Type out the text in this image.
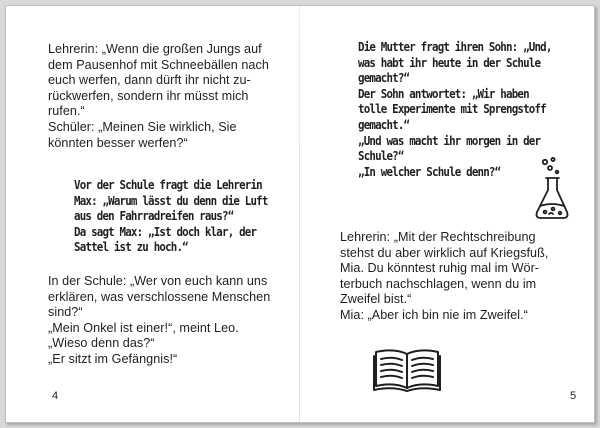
Lehrerin: „Wenn die großen Jungs auf
dem Pausenhof mit Schneebällen nach
euch werfen, dann dürft ihr nicht zu-
rückwerfen, sondern ihr müsst mich
rufen.“
Schüler: „Meinen Sie wirklich, Sie
könnten besser werfen?“

Vor der Schule fragt die Lehrerin
Max: „Warum lässt du denn die Luft
aus den Fahrradreifen raus?“
Da sagt Max: „Ist doch klar, der
Sattel ist zu hoch.“

In der Schule: „Wer von euch kann uns
erklären, was verschlossene Menschen
sind?“
„Mein Onkel ist einer!“, meint Leo.
„Wieso denn das?“
„Er sitzt im Gefängnis!“

4

Die Mutter fragt ihren Sohn: „Und,
was habt ihr heute in der Schule
gemacht?“
Der Sohn antwortet: „Wir haben
tolle Experimente mit Sprengstoff
gemacht.“
„Und was macht ihr morgen in der
Schule?“
„In welcher Schule denn?“

Lehrerin: „Mit der Rechtschreibung
stehst du aber wirklich auf Kriegsfuß,
Mia. Du könntest ruhig mal im Wör-
terbuch nachschlagen, wenn du im
Zweifel bist.“
Mia: „Aber ich bin nie im Zweifel.“

5
